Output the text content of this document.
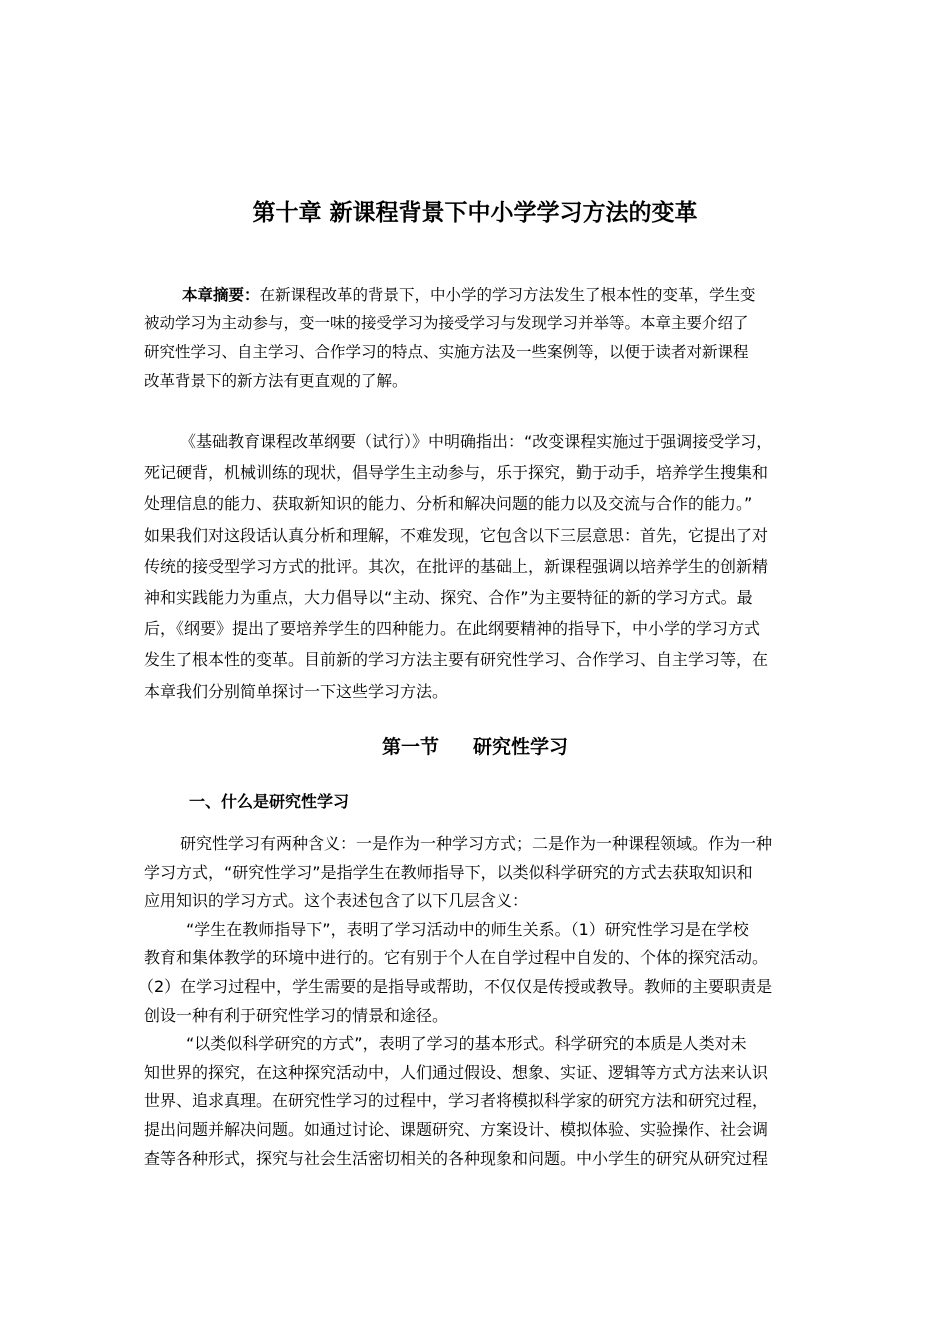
第十章 新课程背景下中小学学习方法的变革
本章摘要：在新课程改革的背景下，中小学的学习方法发生了根本性的变革，学生变
被动学习为主动参与，变一味的接受学习为接受学习与发现学习并举等。本章主要介绍了
研究性学习、自主学习、合作学习的特点、实施方法及一些案例等，以便于读者对新课程
改革背景下的新方法有更直观的了解。
《基础教育课程改革纲要（试行）》中明确指出：“改变课程实施过于强调接受学习，
死记硬背，机械训练的现状，倡导学生主动参与，乐于探究，勤于动手，培养学生搜集和
处理信息的能力、获取新知识的能力、分析和解决问题的能力以及交流与合作的能力。”
如果我们对这段话认真分析和理解，不难发现，它包含以下三层意思：首先，它提出了对
传统的接受型学习方式的批评。其次，在批评的基础上，新课程强调以培养学生的创新精
神和实践能力为重点，大力倡导以“主动、探究、合作”为主要特征的新的学习方式。最
后，《纲要》提出了要培养学生的四种能力。在此纲要精神的指导下，中小学的学习方式
发生了根本性的变革。目前新的学习方法主要有研究性学习、合作学习、自主学习等，在
本章我们分别简单探讨一下这些学习方法。
第一节 研究性学习
一、什么是研究性学习
研究性学习有两种含义：一是作为一种学习方式；二是作为一种课程领域。作为一种
学习方式，“研究性学习”是指学生在教师指导下，以类似科学研究的方式去获取知识和
应用知识的学习方式。这个表述包含了以下几层含义：
“学生在教师指导下”，表明了学习活动中的师生关系。（1）研究性学习是在学校
教育和集体教学的环境中进行的。它有别于个人在自学过程中自发的、个体的探究活动。
（2）在学习过程中，学生需要的是指导或帮助，不仅仅是传授或教导。教师的主要职责是
创设一种有利于研究性学习的情景和途径。
“以类似科学研究的方式”，表明了学习的基本形式。科学研究的本质是人类对未
知世界的探究，在这种探究活动中，人们通过假设、想象、实证、逻辑等方式方法来认识
世界、追求真理。在研究性学习的过程中，学习者将模拟科学家的研究方法和研究过程，
提出问题并解决问题。如通过讨论、课题研究、方案设计、模拟体验、实验操作、社会调
查等各种形式，探究与社会生活密切相关的各种现象和问题。中小学生的研究从研究过程
